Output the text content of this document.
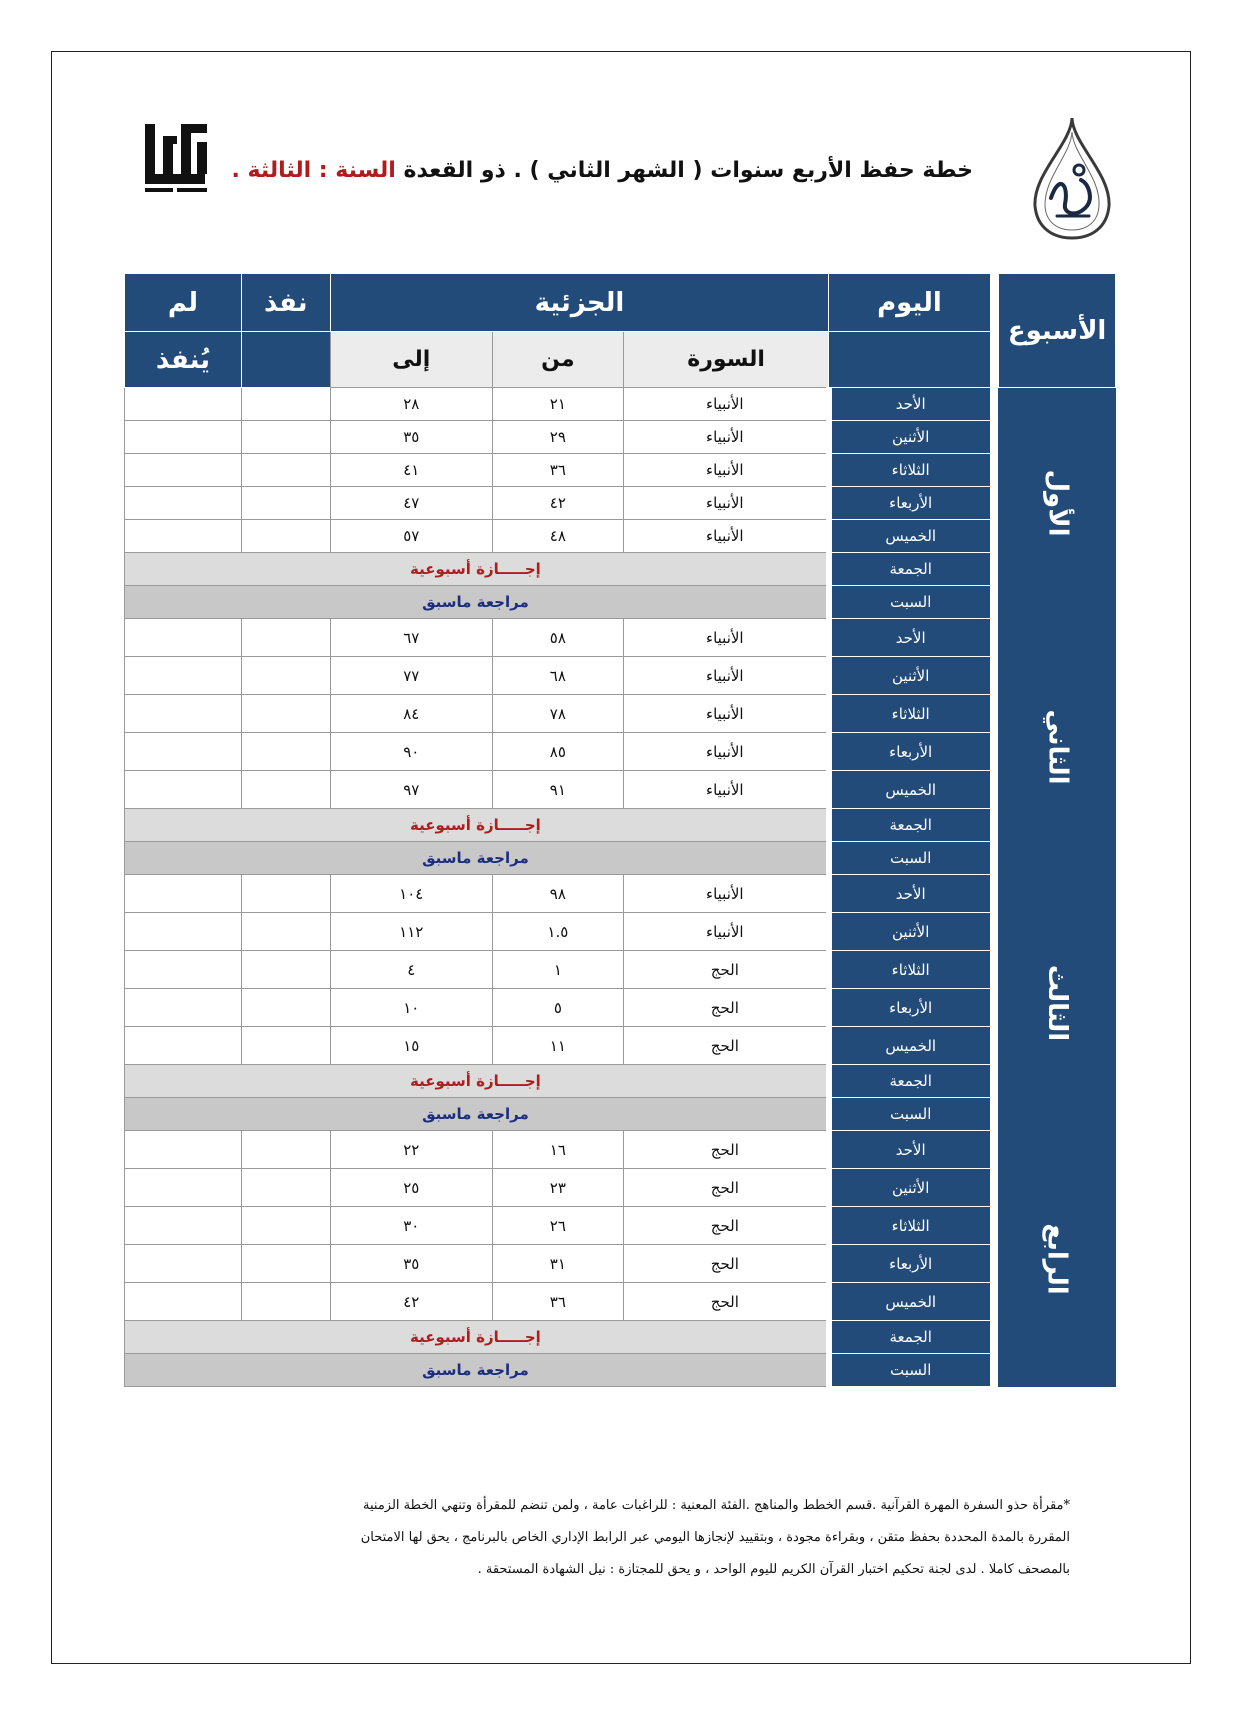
خطة حفظ الأربع سنوات ( الشهر الثاني ) . ذو القعدة السنة : الثالثة .
الأسبوع		اليوم	الجزئية			نفذ	لم
			السورة	من	إلى		يُنفذ
الأول		الأحد	الأنبياء	٢١	٢٨		
		الأثنين	الأنبياء	٢٩	٣٥		
		الثلاثاء	الأنبياء	٣٦	٤١		
		الأربعاء	الأنبياء	٤٢	٤٧		
		الخميس	الأنبياء	٤٨	٥٧		
		الجمعة	إجـــــازة أسبوعية				
		السبت	مراجعة ماسبق				
الثاني		الأحد	الأنبياء	٥٨	٦٧		
		الأثنين	الأنبياء	٦٨	٧٧		
		الثلاثاء	الأنبياء	٧٨	٨٤		
		الأربعاء	الأنبياء	٨٥	٩٠		
		الخميس	الأنبياء	٩١	٩٧		
		الجمعة	إجـــــازة أسبوعية				
		السبت	مراجعة ماسبق				
الثالث		الأحد	الأنبياء	٩٨	١٠٤		
		الأثنين	الأنبياء	١.٥	١١٢		
		الثلاثاء	الحج	١	٤		
		الأربعاء	الحج	٥	١٠		
		الخميس	الحج	١١	١٥		
		الجمعة	إجـــــازة أسبوعية				
		السبت	مراجعة ماسبق				
الرابع		الأحد	الحج	١٦	٢٢		
		الأثنين	الحج	٢٣	٢٥		
		الثلاثاء	الحج	٢٦	٣٠		
		الأربعاء	الحج	٣١	٣٥		
		الخميس	الحج	٣٦	٤٢		
		الجمعة	إجـــــازة أسبوعية				
		السبت	مراجعة ماسبق				
*مقرأة حذو السفرة المهرة القرآنية .قسم الخطط والمناهج .الفئة المعنية : للراغبات عامة ، ولمن تنضم للمقرأة وتنهي الخطة الزمنية
المقررة بالمدة المحددة بحفظ متقن ، وبقراءة مجودة ، وبتقييد لإنجازها اليومي عبر الرابط الإداري الخاص بالبرنامج ، يحق لها الامتحان
بالمصحف كاملا . لدى لجنة تحكيم اختبار القرآن الكريم لليوم الواحد ، و يحق للمجتازة : نيل الشهادة المستحقة .
